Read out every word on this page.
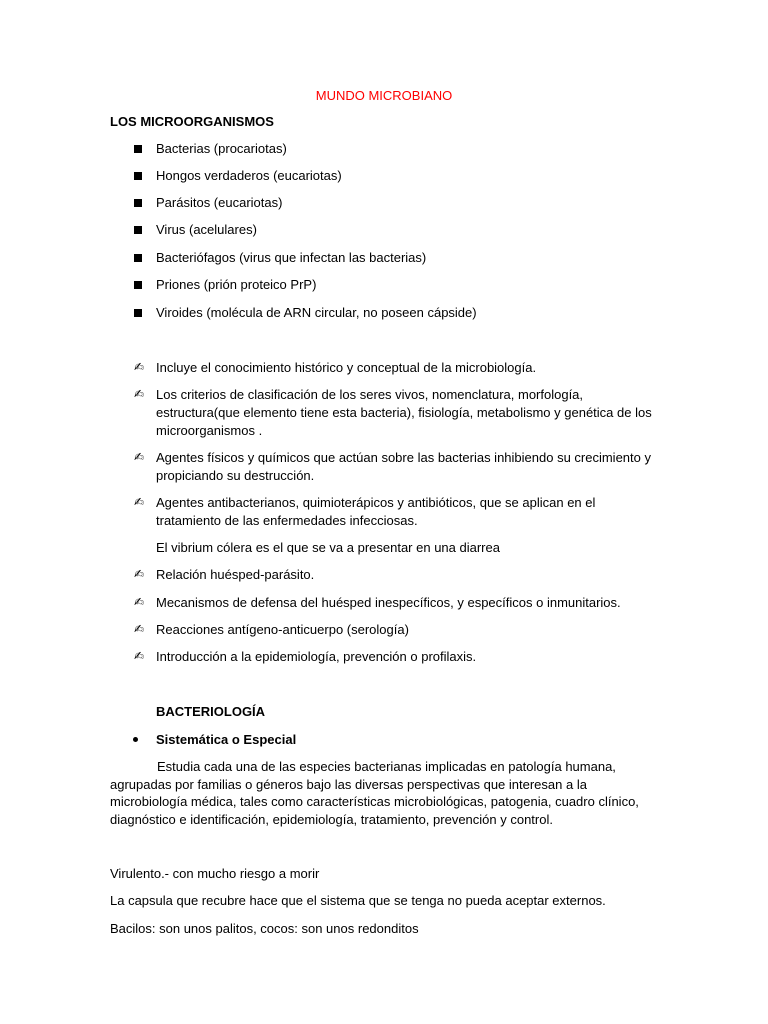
MUNDO MICROBIANO
LOS MICROORGANISMOS
Bacterias (procariotas)
Hongos verdaderos (eucariotas)
Parásitos (eucariotas)
Virus (acelulares)
Bacteriófagos (virus que infectan las bacterias)
Priones (prión proteico PrP)
Viroides (molécula de ARN circular, no poseen cápside)
✍ Incluye el conocimiento histórico y conceptual de la microbiología.
✍ Los criterios de clasificación de los seres vivos, nomenclatura, morfología,
estructura(que elemento tiene esta bacteria), fisiología, metabolismo y genética de los
microorganismos .
✍ Agentes físicos y químicos que actúan sobre las bacterias inhibiendo su crecimiento y
propiciando su destrucción.
✍ Agentes antibacterianos, quimioterápicos y antibióticos, que se aplican en el
tratamiento de las enfermedades infecciosas.
El vibrium cólera es el que se va a presentar en una diarrea
✍ Relación huésped-parásito.
✍ Mecanismos de defensa del huésped inespecíficos, y específicos o inmunitarios.
✍ Reacciones antígeno-anticuerpo (serología)
✍ Introducción a la epidemiología, prevención o profilaxis.
BACTERIOLOGÍA
Sistemática o Especial
Estudia cada una de las especies bacterianas implicadas en patología humana,
agrupadas por familias o géneros bajo las diversas perspectivas que interesan a la
microbiología médica, tales como características microbiológicas, patogenia, cuadro clínico,
diagnóstico e identificación, epidemiología, tratamiento, prevención y control.
Virulento.- con mucho riesgo a morir
La capsula que recubre hace que el sistema que se tenga no pueda aceptar externos.
Bacilos: son unos palitos, cocos: son unos redonditos
